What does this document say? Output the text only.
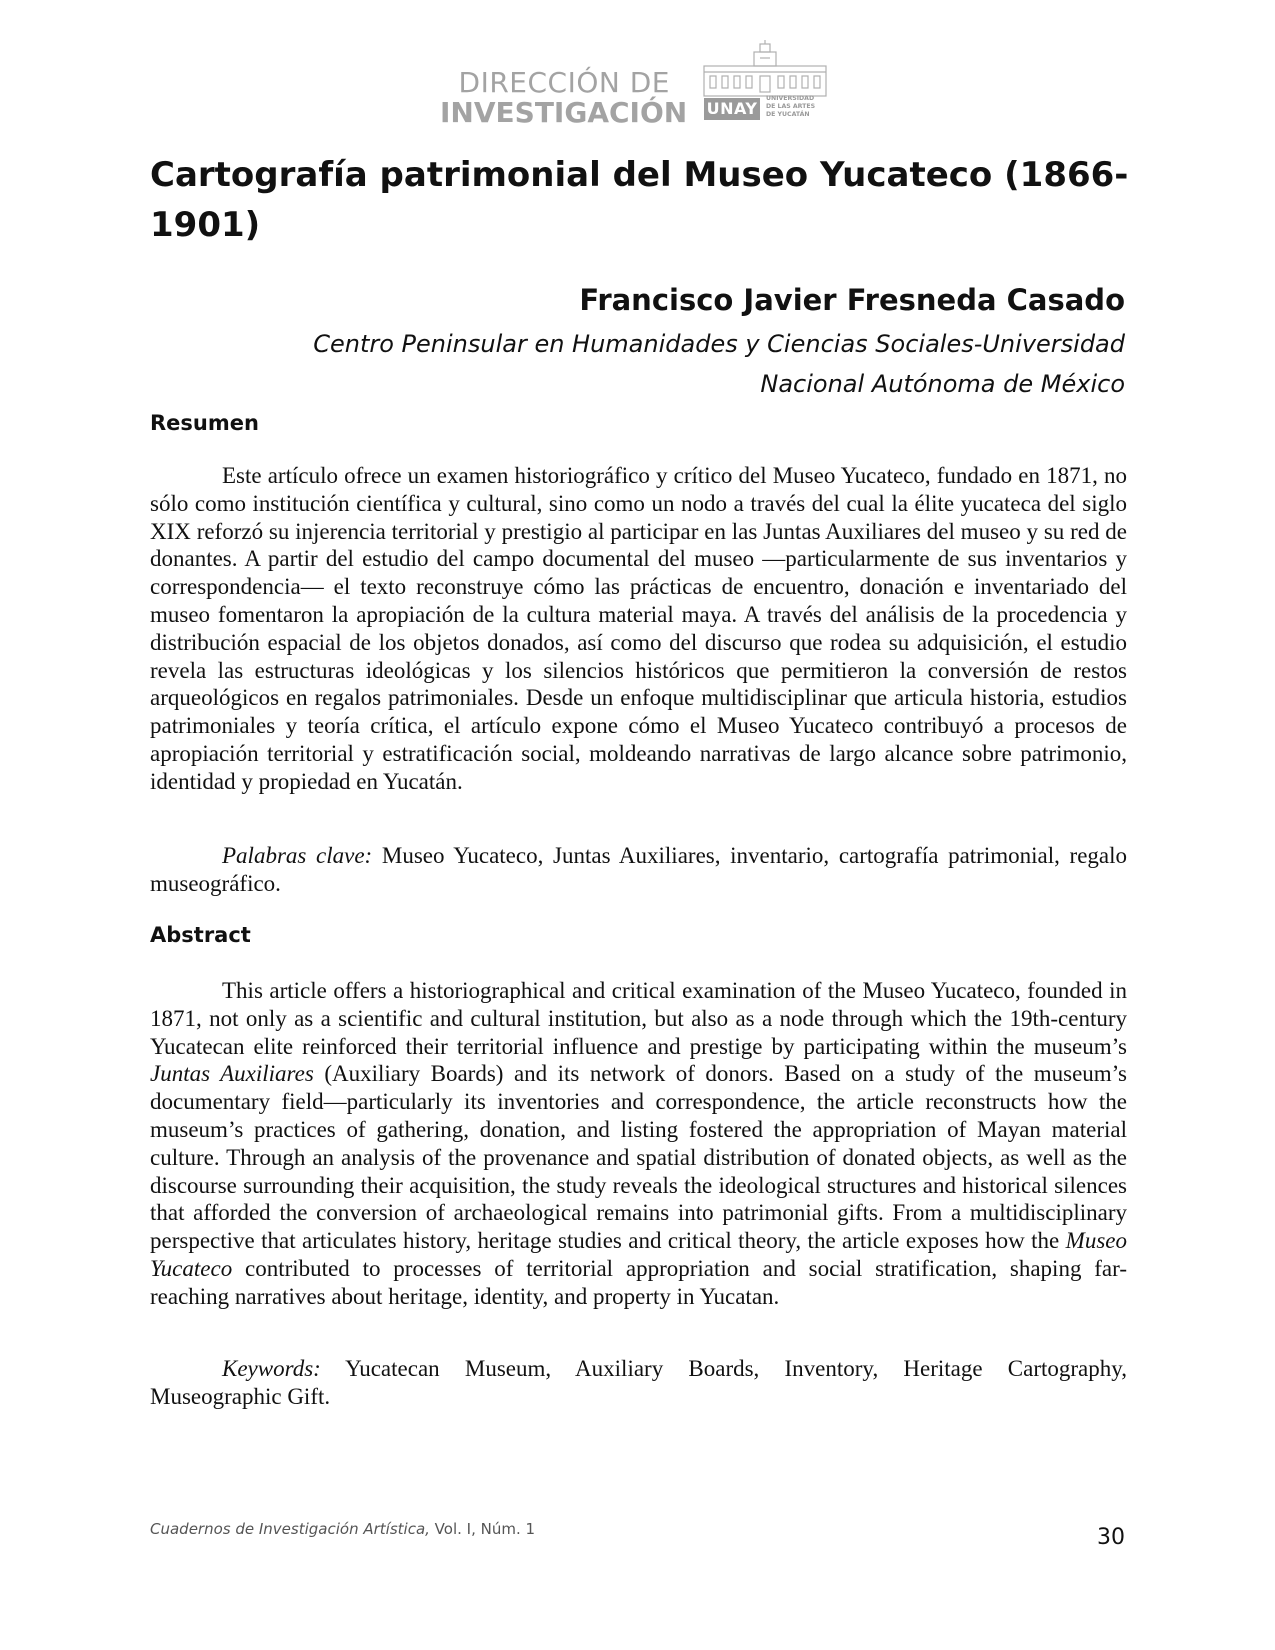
DIRECCIÓN DE
INVESTIGACIÓN UNAY
UNIVERSIDAD
DE LAS ARTES
DE YUCATÁN
Cartografía patrimonial del Museo Yucateco (1866-1901)
Francisco Javier Fresneda Casado
Centro Peninsular en Humanidades y Ciencias Sociales-Universidad
Nacional Autónoma de México
Resumen

Este artículo ofrece un examen historiográfico y crítico del Museo Yucateco, fundado en 1871, no sólo como institución científica y cultural, sino como un nodo a través del cual la élite yucateca del siglo XIX reforzó su injerencia territorial y prestigio al participar en las Juntas Auxiliares del museo y su red de donantes. A partir del estudio del campo documental del museo —particularmente de sus inventarios y correspondencia— el texto reconstruye cómo las prácticas de encuentro, donación e inventariado del museo fomentaron la apropiación de la cultura material maya. A través del análisis de la procedencia y distribución espacial de los objetos donados, así como del discurso que rodea su adquisición, el estudio revela las estructuras ideológicas y los silencios históricos que permitieron la conversión de restos arqueológicos en regalos patrimoniales. Desde un enfoque multidisciplinar que articula historia, estudios patrimoniales y teoría crítica, el artículo expone cómo el Museo Yucateco contribuyó a procesos de apropiación territorial y estratificación social, moldeando narrativas de largo alcance sobre patrimonio, identidad y propiedad en Yucatán.

Palabras clave: Museo Yucateco, Juntas Auxiliares, inventario, cartografía patrimonial, regalo museográfico.

Abstract

This article offers a historiographical and critical examination of the Museo Yucateco, founded in 1871, not only as a scientific and cultural institution, but also as a node through which the 19th-century Yucatecan elite reinforced their territorial influence and prestige by participating within the museum’s Juntas Auxiliares (Auxiliary Boards) and its network of donors. Based on a study of the museum’s documentary field—particularly its inventories and correspondence, the article reconstructs how the museum’s practices of gathering, donation, and listing fostered the appropriation of Mayan material culture. Through an analysis of the provenance and spatial distribution of donated objects, as well as the discourse surrounding their acquisition, the study reveals the ideological structures and historical silences that afforded the conversion of archaeological remains into patrimonial gifts. From a multidisciplinary perspective that articulates history, heritage studies and critical theory, the article exposes how the Museo Yucateco contributed to processes of territorial appropriation and social stratification, shaping far-reaching narratives about heritage, identity, and property in Yucatan.

Keywords: Yucatecan Museum, Auxiliary Boards, Inventory, Heritage Cartography, Museographic Gift.

Cuadernos de Investigación Artística, Vol. I, Núm. 1	30
